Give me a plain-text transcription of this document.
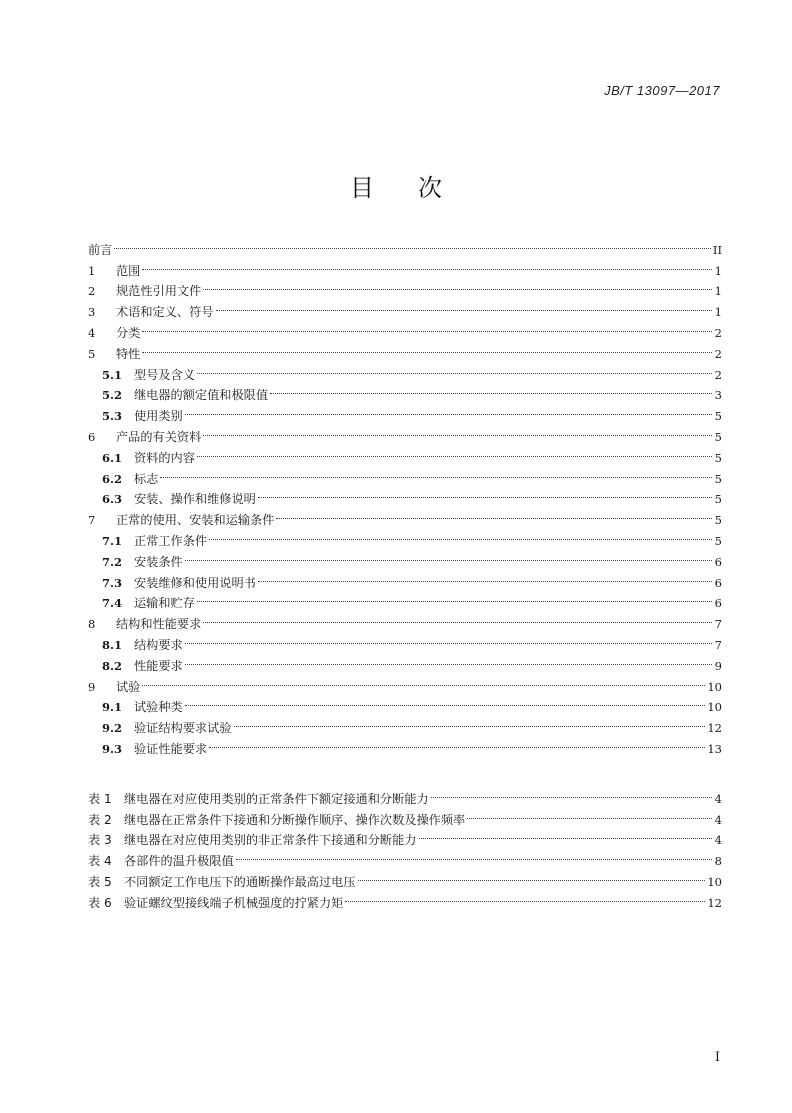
JB/T 13097—2017
目次
前言	II
1	范围	1
2	规范性引用文件	1
3	术语和定义、符号	1
4	分类	2
5	特性	2
5.1 型号及含义	2
5.2 继电器的额定值和极限值	3
5.3 使用类别	5
6	产品的有关资料	5
6.1 资料的内容	5
6.2 标志	5
6.3 安装、操作和维修说明	5
7	正常的使用、安装和运输条件	5
7.1 正常工作条件	5
7.2 安装条件	6
7.3 安装维修和使用说明书	6
7.4 运输和贮存	6
8	结构和性能要求	7
8.1 结构要求	7
8.2 性能要求	9
9	试验	10
9.1 试验种类	10
9.2 验证结构要求试验	12
9.3 验证性能要求	13
表 1 继电器在对应使用类别的正常条件下额定接通和分断能力	4
表 2 继电器在正常条件下接通和分断操作顺序、操作次数及操作频率	4
表 3 继电器在对应使用类别的非正常条件下接通和分断能力	4
表 4 各部件的温升极限值	8
表 5 不同额定工作电压下的通断操作最高过电压	10
表 6 验证螺纹型接线端子机械强度的拧紧力矩	12
I
